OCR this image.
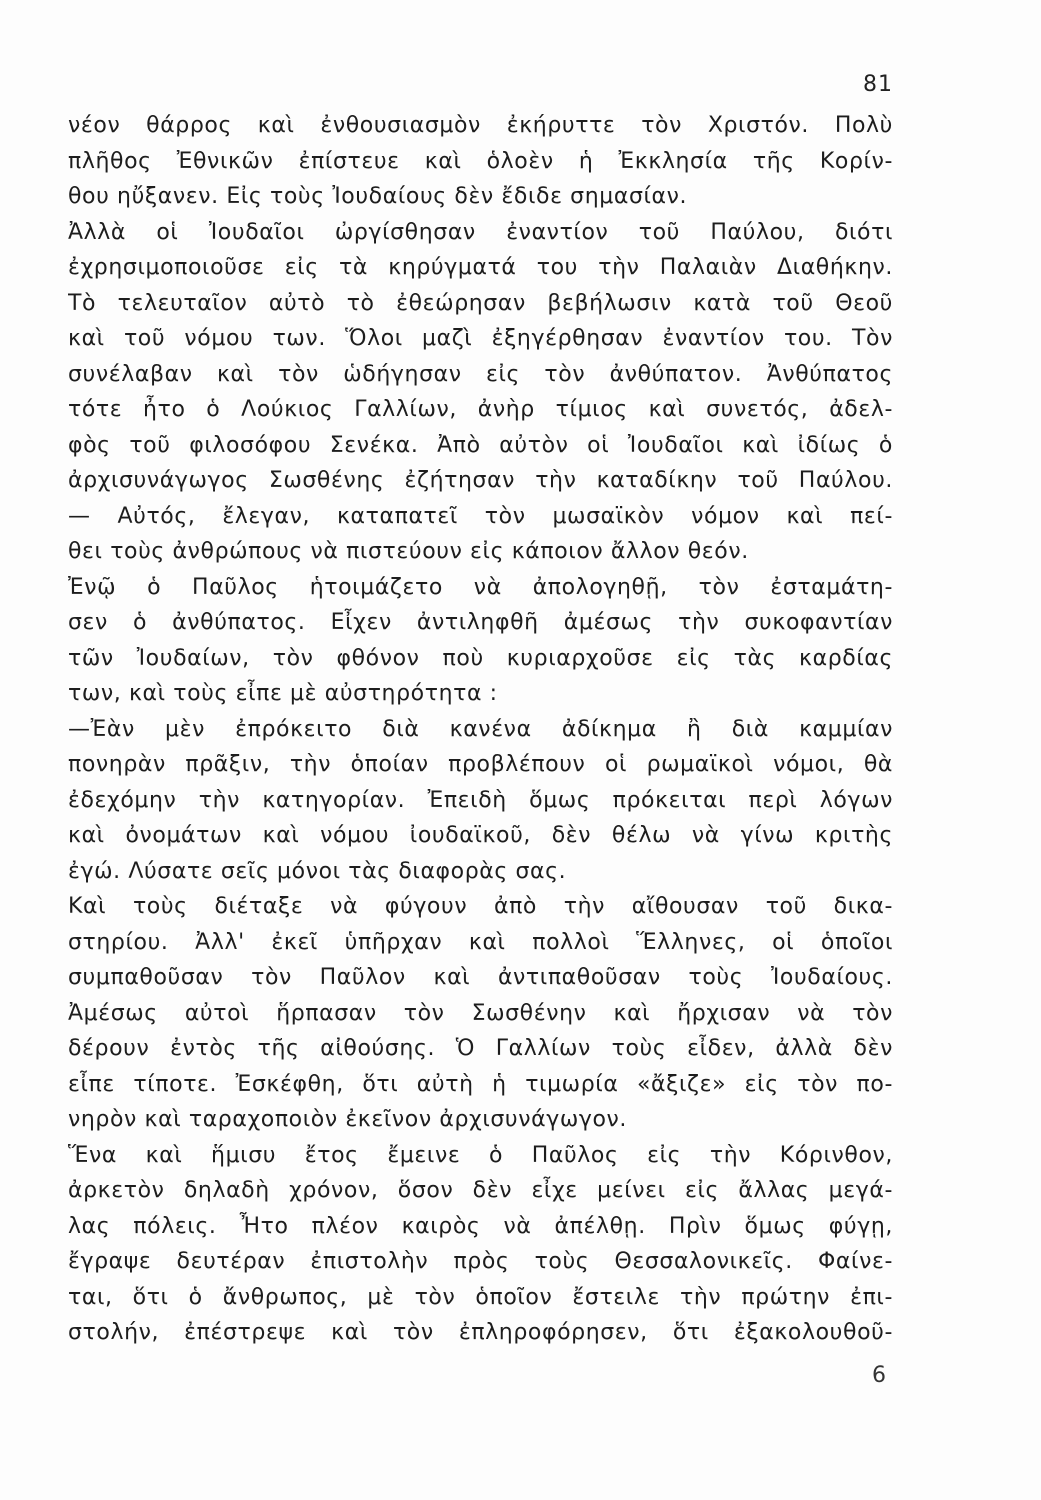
81
νέον θάρρος καὶ ἐνθουσιασμὸν ἐκήρυττε τὸν Χριστόν. Πολὺ
πλῆθος Ἐθνικῶν ἐπίστευε καὶ ὁλοὲν ἡ Ἐκκλησία τῆς Κορίν-
θου ηὔξανεν. Εἰς τοὺς Ἰουδαίους δὲν ἔδιδε σημασίαν.
Ἀλλὰ οἱ Ἰουδαῖοι ὠργίσθησαν ἐναντίον τοῦ Παύλου, διότι
ἐχρησιμοποιοῦσε εἰς τὰ κηρύγματά του τὴν Παλαιὰν Διαθήκην.
Τὸ τελευταῖον αὐτὸ τὸ ἐθεώρησαν βεβήλωσιν κατὰ τοῦ Θεοῦ
καὶ τοῦ νόμου των. Ὅλοι μαζὶ ἐξηγέρθησαν ἐναντίον του. Τὸν
συνέλαβαν καὶ τὸν ὡδήγησαν εἰς τὸν ἀνθύπατον. Ἀνθύπατος
τότε ἦτο ὁ Λούκιος Γαλλίων, ἀνὴρ τίμιος καὶ συνετός, ἀδελ-
φὸς τοῦ φιλοσόφου Σενέκα. Ἀπὸ αὐτὸν οἱ Ἰουδαῖοι καὶ ἰδίως ὁ
ἀρχισυνάγωγος Σωσθένης ἐζήτησαν τὴν καταδίκην τοῦ Παύλου.
— Αὐτός, ἔλεγαν, καταπατεῖ τὸν μωσαϊκὸν νόμον καὶ πεί-
θει τοὺς ἀνθρώπους νὰ πιστεύουν εἰς κάποιον ἄλλον θεόν.
Ἐνῷ ὁ Παῦλος ἡτοιμάζετο νὰ ἀπολογηθῇ, τὸν ἐσταμάτη-
σεν ὁ ἀνθύπατος. Εἶχεν ἀντιληφθῆ ἀμέσως τὴν συκοφαντίαν
τῶν Ἰουδαίων, τὸν φθόνον ποὺ κυριαρχοῦσε εἰς τὰς καρδίας
των, καὶ τοὺς εἶπε μὲ αὐστηρότητα :
—Ἐὰν μὲν ἐπρόκειτο διὰ κανένα ἀδίκημα ἢ διὰ καμμίαν
πονηρὰν πρᾶξιν, τὴν ὁποίαν προβλέπουν οἱ ρωμαϊκοὶ νόμοι, θὰ
ἐδεχόμην τὴν κατηγορίαν. Ἐπειδὴ ὅμως πρόκειται περὶ λόγων
καὶ ὀνομάτων καὶ νόμου ἰουδαϊκοῦ, δὲν θέλω νὰ γίνω κριτὴς
ἐγώ. Λύσατε σεῖς μόνοι τὰς διαφορὰς σας.
Καὶ τοὺς διέταξε νὰ φύγουν ἀπὸ τὴν αἴθουσαν τοῦ δικα-
στηρίου. Ἀλλ' ἐκεῖ ὑπῆρχαν καὶ πολλοὶ Ἕλληνες, οἱ ὁποῖοι
συμπαθοῦσαν τὸν Παῦλον καὶ ἀντιπαθοῦσαν τοὺς Ἰουδαίους.
Ἀμέσως αὐτοὶ ἥρπασαν τὸν Σωσθένην καὶ ἤρχισαν νὰ τὸν
δέρουν ἐντὸς τῆς αἰθούσης. Ὁ Γαλλίων τοὺς εἶδεν, ἀλλὰ δὲν
εἶπε τίποτε. Ἐσκέφθη, ὅτι αὐτὴ ἡ τιμωρία «ἄξιζε» εἰς τὸν πο-
νηρὸν καὶ ταραχοποιὸν ἐκεῖνον ἀρχισυνάγωγον.
Ἕνα καὶ ἥμισυ ἔτος ἔμεινε ὁ Παῦλος εἰς τὴν Κόρινθον,
ἀρκετὸν δηλαδὴ χρόνον, ὅσον δὲν εἶχε μείνει εἰς ἄλλας μεγά-
λας πόλεις. Ἦτο πλέον καιρὸς νὰ ἀπέλθῃ. Πρὶν ὅμως φύγῃ,
ἔγραψε δευτέραν ἐπιστολὴν πρὸς τοὺς Θεσσαλονικεῖς. Φαίνε-
ται, ὅτι ὁ ἄνθρωπος, μὲ τὸν ὁποῖον ἔστειλε τὴν πρώτην ἐπι-
στολήν, ἐπέστρεψε καὶ τὸν ἐπληροφόρησεν, ὅτι ἐξακολουθοῦ-
6
